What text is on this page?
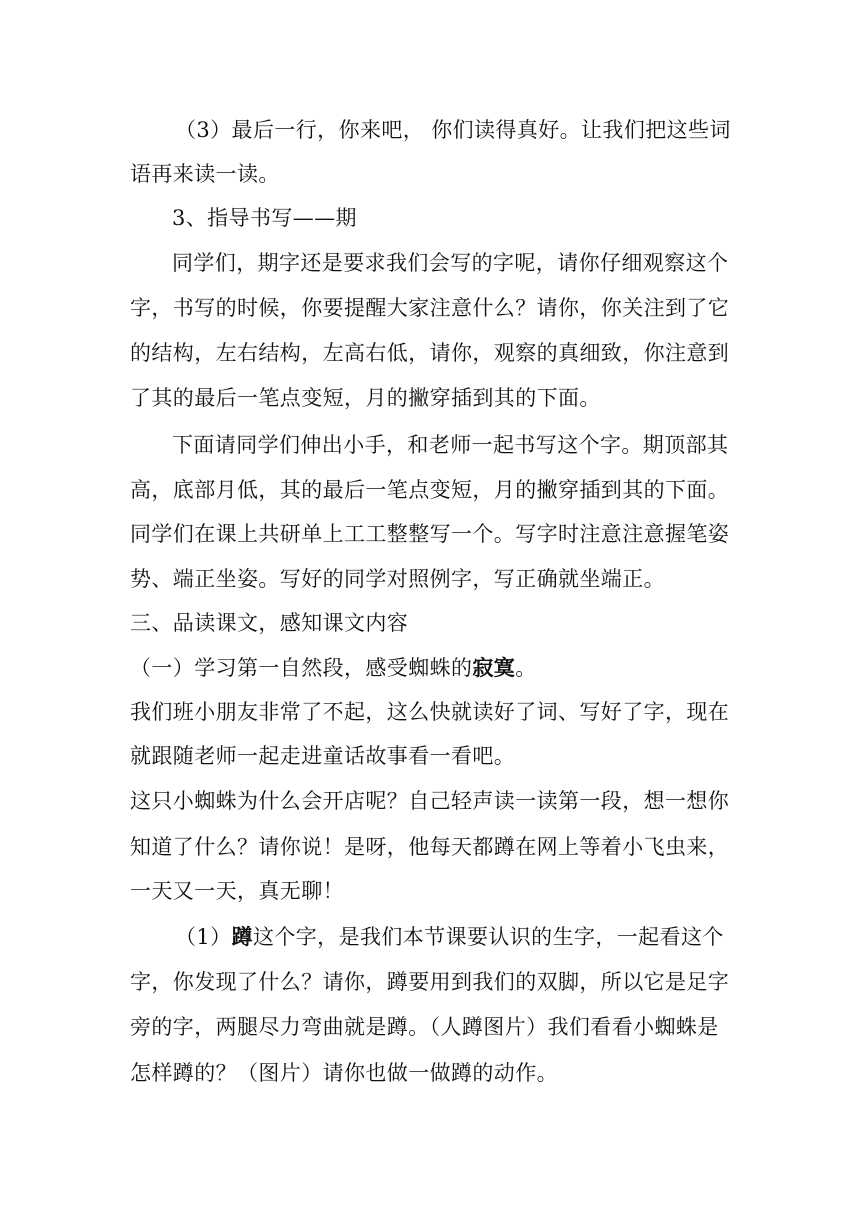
（3）最后一行，你来吧， 你们读得真好。让我们把这些词
语再来读一读。
3、指导书写——期
同学们，期字还是要求我们会写的字呢，请你仔细观察这个
字，书写的时候，你要提醒大家注意什么？请你，你关注到了它
的结构，左右结构，左高右低，请你，观察的真细致，你注意到
了其的最后一笔点变短，月的撇穿插到其的下面。
下面请同学们伸出小手，和老师一起书写这个字。期顶部其
高，底部月低，其的最后一笔点变短，月的撇穿插到其的下面。
同学们在课上共研单上工工整整写一个。写字时注意注意握笔姿
势、端正坐姿。写好的同学对照例字，写正确就坐端正。
三、品读课文，感知课文内容
（一）学习第一自然段，感受蜘蛛的寂寞。
我们班小朋友非常了不起，这么快就读好了词、写好了字，现在
就跟随老师一起走进童话故事看一看吧。
这只小蜘蛛为什么会开店呢？自己轻声读一读第一段，想一想你
知道了什么？请你说！是呀，他每天都蹲在网上等着小飞虫来，
一天又一天，真无聊！
（1）蹲这个字，是我们本节课要认识的生字，一起看这个
字，你发现了什么？请你，蹲要用到我们的双脚，所以它是足字
旁的字，两腿尽力弯曲就是蹲。（人蹲图片）我们看看小蜘蛛是
怎样蹲的？（图片）请你也做一做蹲的动作。
